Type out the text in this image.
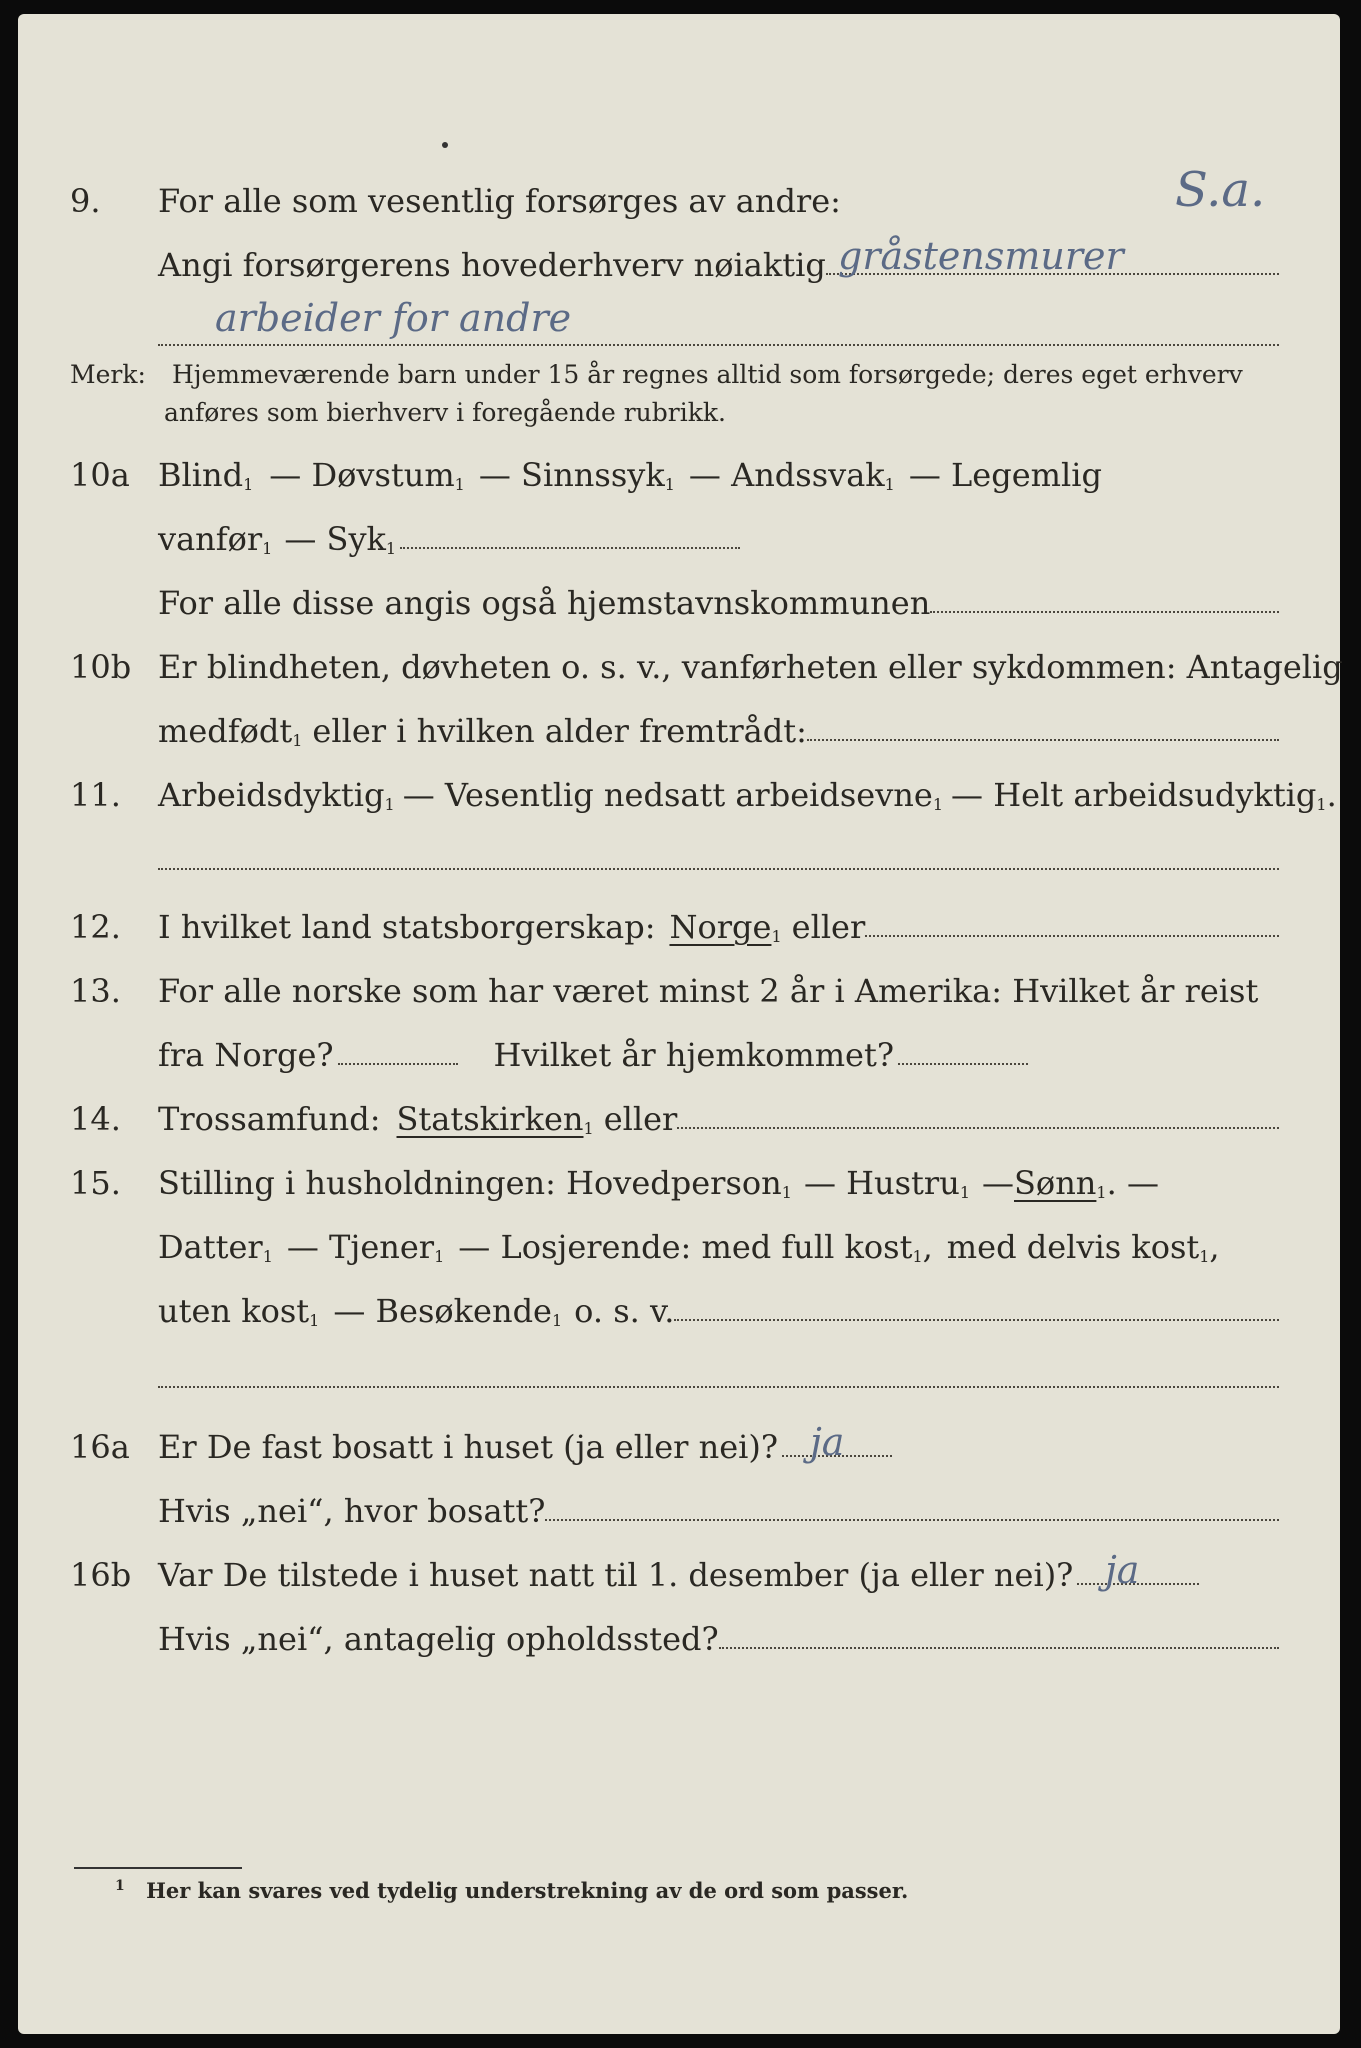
9.	For alle som vesentlig forsørges av andre:	S.a.
Angi forsørgerens hovederhverv nøiaktig gråstensmurer
arbeider for andre
Merk: Hjemmeværende barn under 15 år regnes alltid som forsørgede; deres eget erhverv
anføres som bierhverv i foregående rubrikk.
10a Blind 1 — Døvstum 1 — Sinnssyk 1 — Andssvak 1 — Legemlig
vanfør 1 — Syk 1
For alle disse angis også hjemstavnskommunen
10b Er blindheten, døvheten o. s. v., vanførheten eller sykdommen: Antagelig
medfødt 1 eller i hvilken alder fremtrådt:
11.	Arbeidsdyktig 1 — Vesentlig nedsatt arbeidsevne 1 — Helt arbeidsudyktig 1 .
12.	I hvilket land statsborgerskap: Norge 1 eller
13.	For alle norske som har været minst 2 år i Amerika: Hvilket år reist
fra Norge?	Hvilket år hjemkommet?
14.	Trossamfund: Statskirken 1 eller
15.	Stilling i husholdningen: Hovedperson 1 — Hustru 1 — Sønn 1 . —
Datter 1 — Tjener 1 — Losjerende: med full kost 1 , med delvis kost 1 ,
uten kost 1 — Besøkende 1 o. s. v.
16a Er De fast bosatt i huset (ja eller nei)? ja
Hvis „nei“, hvor bosatt?
16b Var De tilstede i huset natt til 1. desember (ja eller nei)? ja
Hvis „nei“, antagelig opholdssted?
$^1$ Her kan svares ved tydelig understrekning av de ord som passer.
